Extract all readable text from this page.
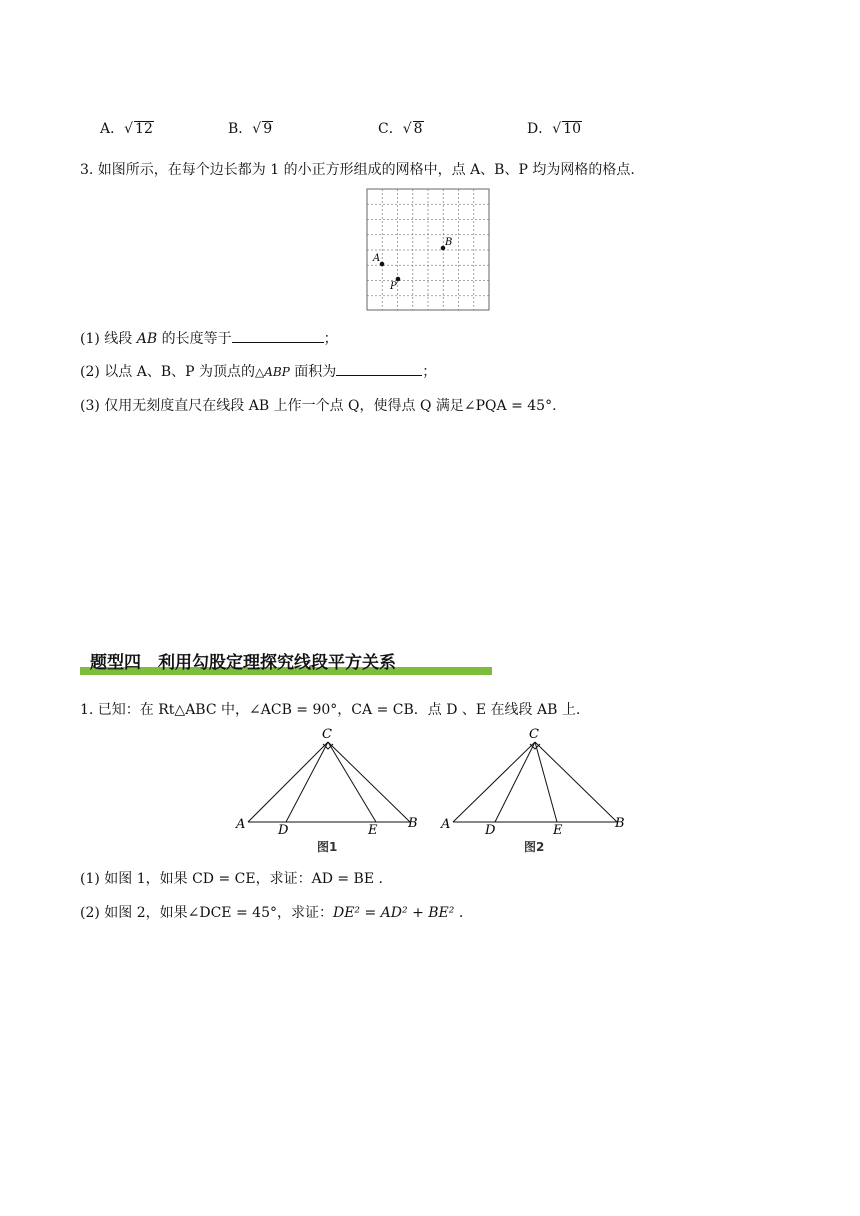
A．√ 12	B．√ 9	C．√ 8	D．√ 10
3. 如图所示，在每个边长都为 1 的小正方形组成的网格中，点 A、B、P 均为网格的格点.
A
B
P
(1) 线段 AB 的长度等于	；
(2) 以点 A、B、P 为顶点的△ABP 面积为	；
(3) 仅用无刻度直尺在线段 AB 上作一个点 Q，使得点 Q 满足∠PQA = 45°.
题型四　利用勾股定理探究线段平方关系
1. 已知：在 Rt△ABC 中，∠ACB = 90°，CA = CB．点 D 、E 在线段 AB 上.
A	B
C
D	E
图1
A	B
C
D	E
图2
(1) 如图 1，如果 CD = CE，求证：AD = BE .
(2) 如图 2，如果∠DCE = 45°，求证：DE² = AD² + BE² .
